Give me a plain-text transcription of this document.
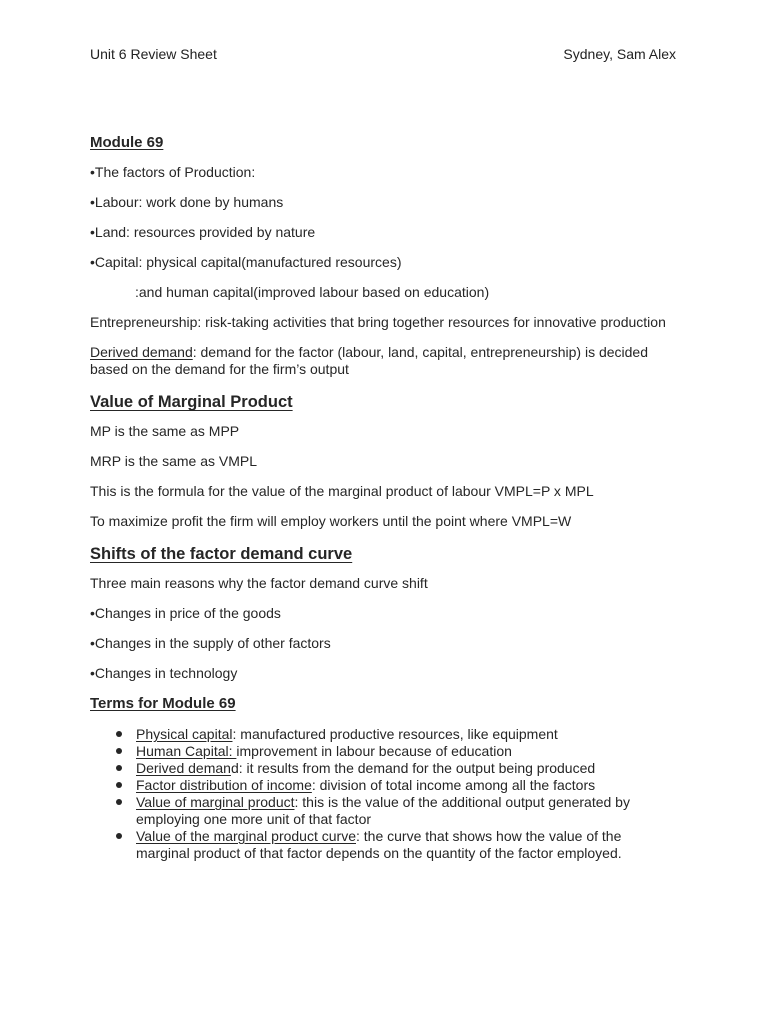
Unit 6 Review Sheet	Sydney, Sam Alex

Module 69

•The factors of Production:

•Labour: work done by humans

•Land: resources provided by nature

•Capital: physical capital(manufactured resources)

:and human capital(improved labour based on education)

Entrepreneurship: risk-taking activities that bring together resources for innovative production

Derived demand: demand for the factor (labour, land, capital, entrepreneurship) is decided based on the demand for the firm’s output

Value of Marginal Product

MP is the same as MPP

MRP is the same as VMPL

This is the formula for the value of the marginal product of labour VMPL=P x MPL

To maximize profit the firm will employ workers until the point where VMPL=W

Shifts of the factor demand curve

Three main reasons why the factor demand curve shift

•Changes in price of the goods

•Changes in the supply of other factors

•Changes in technology

Terms for Module 69

Physical capital: manufactured productive resources, like equipment
Human Capital: improvement in labour because of education
Derived demand: it results from the demand for the output being produced
Factor distribution of income: division of total income among all the factors
Value of marginal product: this is the value of the additional output generated by employing one more unit of that factor
Value of the marginal product curve: the curve that shows how the value of the marginal product of that factor depends on the quantity of the factor employed.
